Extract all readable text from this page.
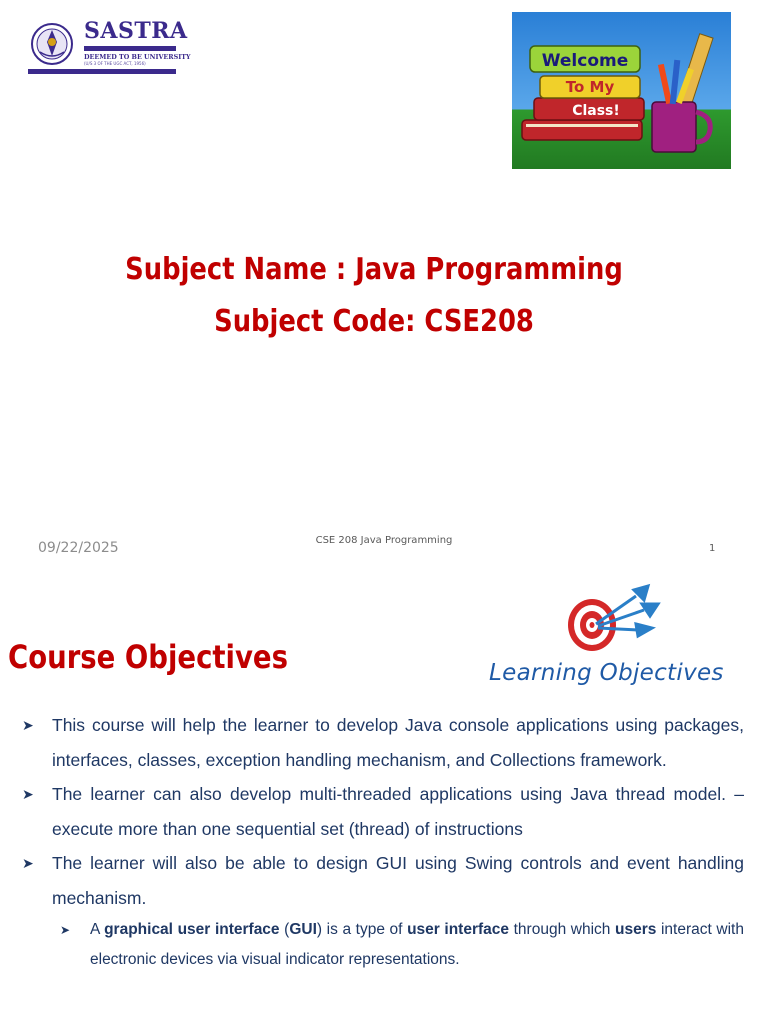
SASTRA
DEEMED TO BE UNIVERSITY
(U/S 3 OF THE UGC ACT, 1956)	Welcome
To My
Class!
Subject Name : Java Programming
Subject Code: CSE208
09/22/2025	CSE 208 Java Programming
1
Course Objectives	Learning Objectives
➤ This course will help the learner to develop Java console applications using packages, interfaces, classes, exception handling mechanism, and Collections framework.
➤ The learner can also develop multi-threaded applications using Java thread model. –execute more than one sequential set (thread) of instructions
➤ The learner will also be able to design GUI using Swing controls and event handling mechanism.
➤ A graphical user interface (GUI) is a type of user interface through which users interact with electronic devices via visual indicator representations.
